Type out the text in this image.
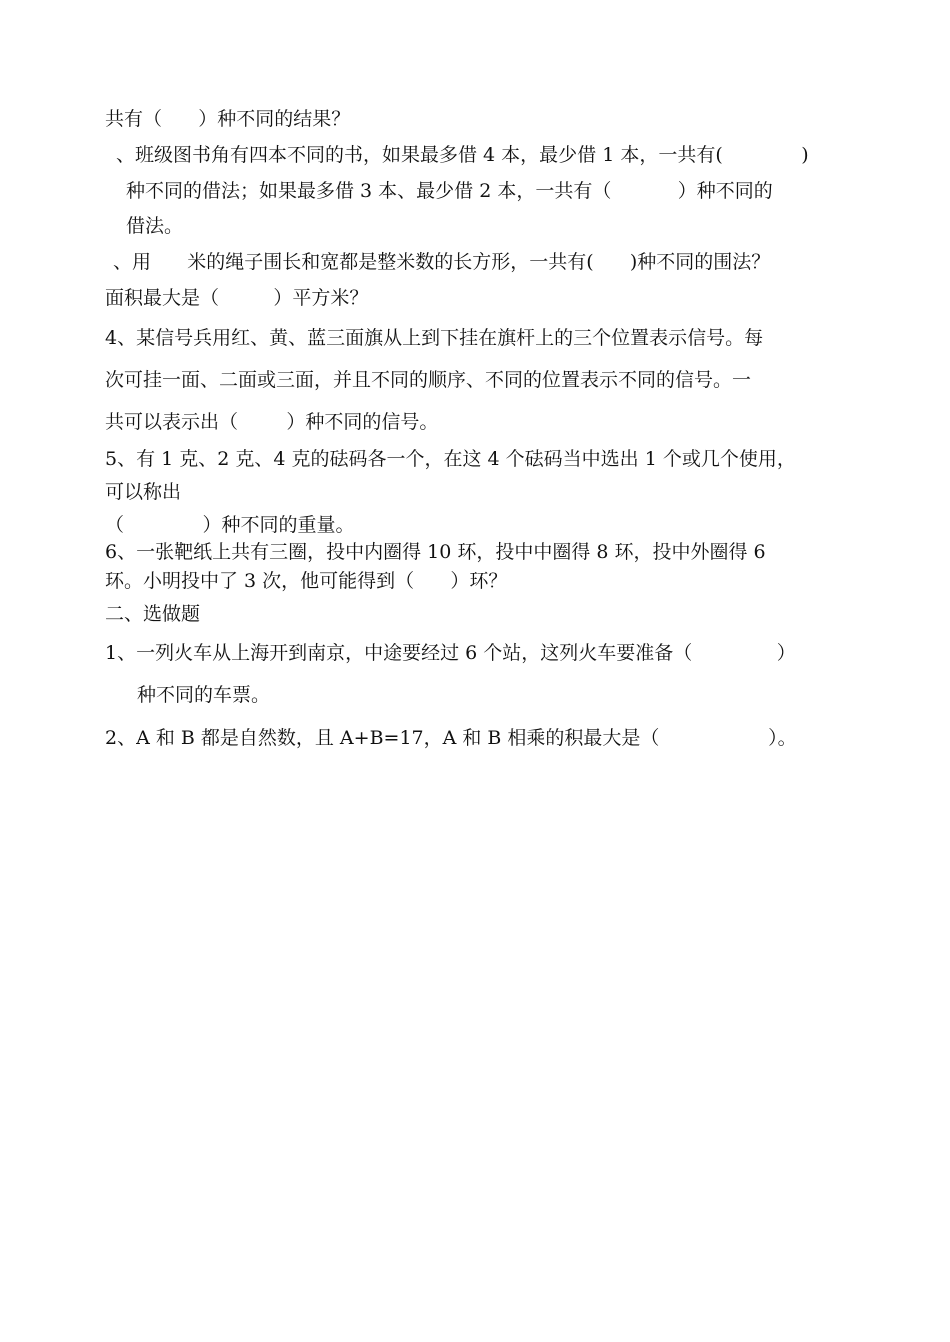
共有（      ）种不同的结果？
、班级图书角有四本不同的书，如果最多借 4 本，最少借 1 本，一共有(             )
种不同的借法；如果最多借 3 本、最少借 2 本，一共有（           ）种不同的
借法。
、用      米的绳子围长和宽都是整米数的长方形，一共有(      )种不同的围法？
面积最大是（         ）平方米？
4、某信号兵用红、黄、蓝三面旗从上到下挂在旗杆上的三个位置表示信号。每
次可挂一面、二面或三面，并且不同的顺序、不同的位置表示不同的信号。一
共可以表示出（        ）种不同的信号。
5、有 1 克、2 克、4 克的砝码各一个，在这 4 个砝码当中选出 1 个或几个使用，
可以称出
（             ）种不同的重量。
6、一张靶纸上共有三圈，投中内圈得 10 环，投中中圈得 8 环，投中外圈得 6
环。小明投中了 3 次，他可能得到（      ）环？
二、选做题
1、一列火车从上海开到南京，中途要经过 6 个站，这列火车要准备（              ）
种不同的车票。
2、A 和 B 都是自然数，且 A+B=17，A 和 B 相乘的积最大是（                  ）。
